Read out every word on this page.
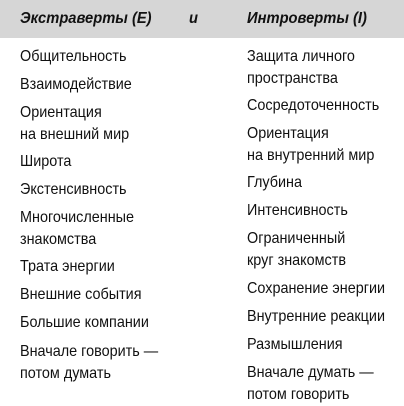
Экстраверты (E) и	Интроверты (I)
Общительность
Взаимодействие
Ориентация
на внешний мир
Широта
Экстенсивность
Многочисленные
знакомства
Трата энергии
Внешние события
Большие компании
Вначале говорить —
потом думать
Защита личного
пространства
Сосредоточенность
Ориентация
на внутренний мир
Глубина
Интенсивность
Ограниченный
круг знакомств
Сохранение энергии
Внутренние реакции
Размышления
Вначале думать —
потом говорить
